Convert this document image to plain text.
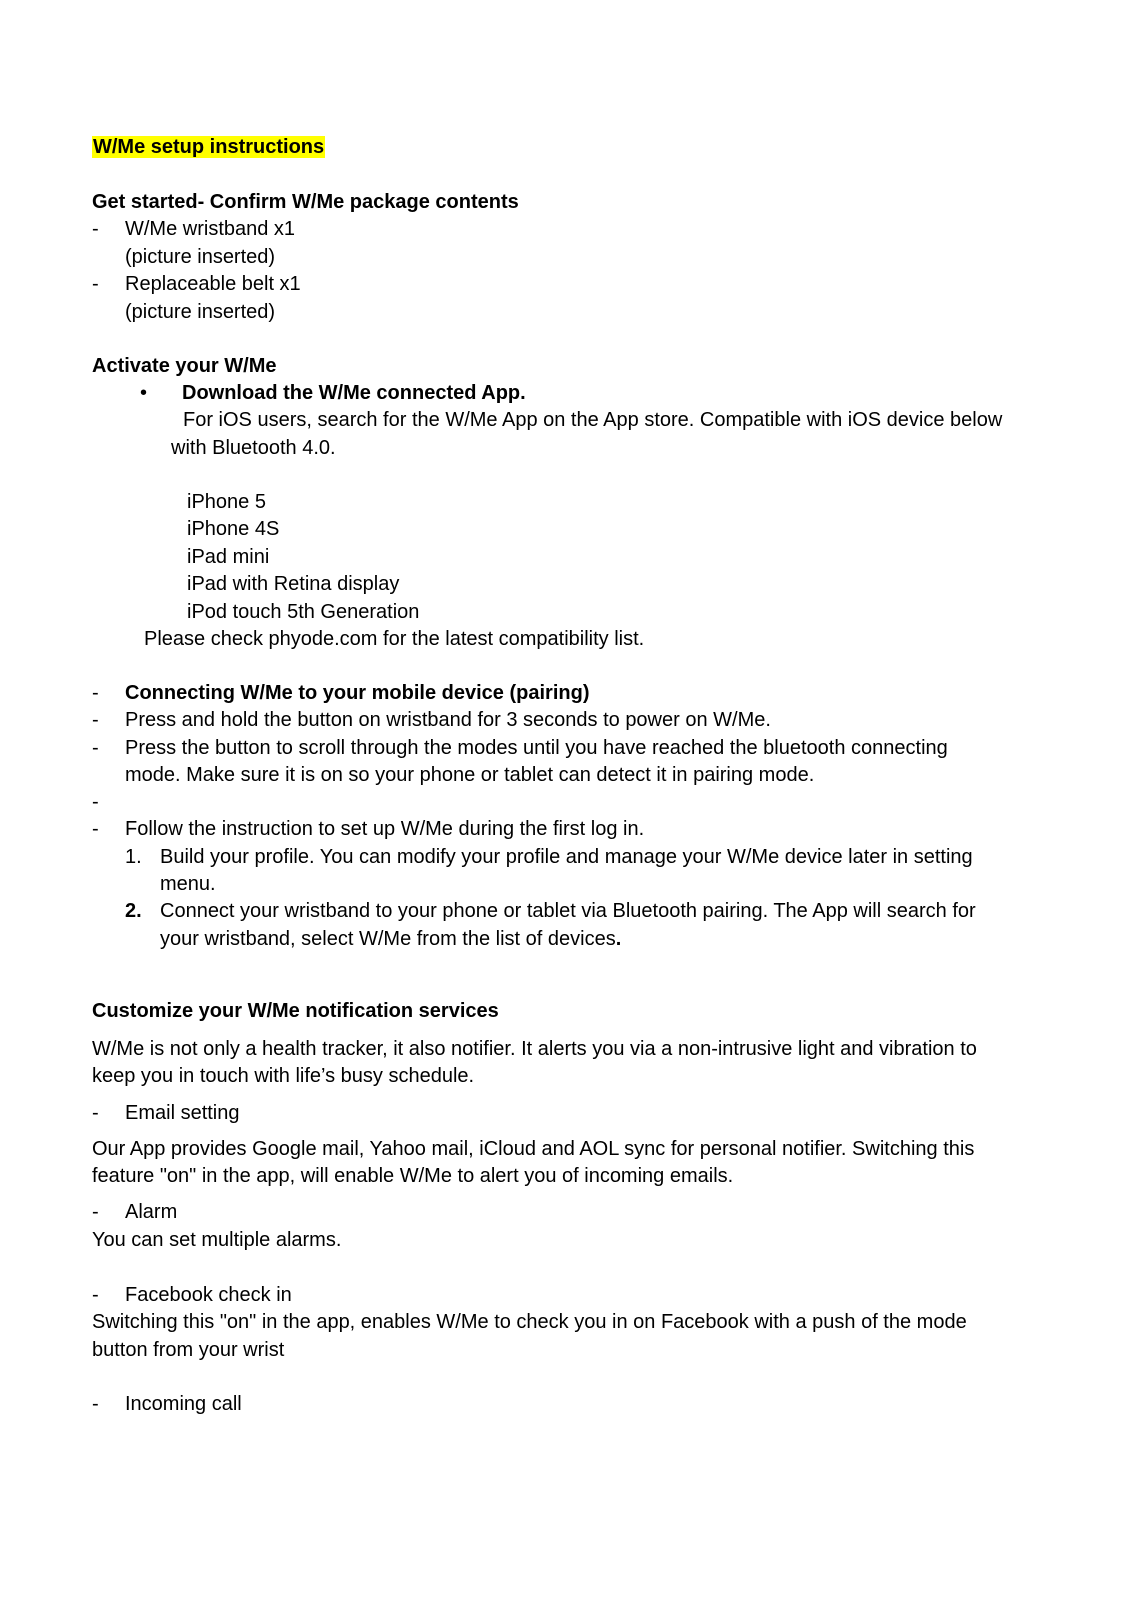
W/Me setup instructions
Get started- Confirm W/Me package contents
- W/Me wristband x1
(picture inserted)
- Replaceable belt x1
(picture inserted)
Activate your W/Me
• Download the W/Me connected App.
For iOS users, search for the W/Me App on the App store. Compatible with iOS device below
with Bluetooth 4.0.
iPhone 5
iPhone 4S
iPad mini
iPad with Retina display
iPod touch 5th Generation
Please check phyode.com for the latest compatibility list.
- Connecting W/Me to your mobile device (pairing)
- Press and hold the button on wristband for 3 seconds to power on W/Me.
- Press the button to scroll through the modes until you have reached the bluetooth connecting
mode. Make sure it is on so your phone or tablet can detect it in pairing mode.
-
- Follow the instruction to set up W/Me during the first log in.
1. Build your profile. You can modify your profile and manage your W/Me device later in setting
menu.
2. Connect your wristband to your phone or tablet via Bluetooth pairing. The App will search for
your wristband, select W/Me from the list of devices.
Customize your W/Me notification services
W/Me is not only a health tracker, it also notifier. It alerts you via a non-intrusive light and vibration to
keep you in touch with life’s busy schedule.
- Email setting
Our App provides Google mail, Yahoo mail, iCloud and AOL sync for personal notifier. Switching this
feature "on" in the app, will enable W/Me to alert you of incoming emails.
- Alarm
You can set multiple alarms.
- Facebook check in
Switching this "on" in the app, enables W/Me to check you in on Facebook with a push of the mode
button from your wrist
- Incoming call
